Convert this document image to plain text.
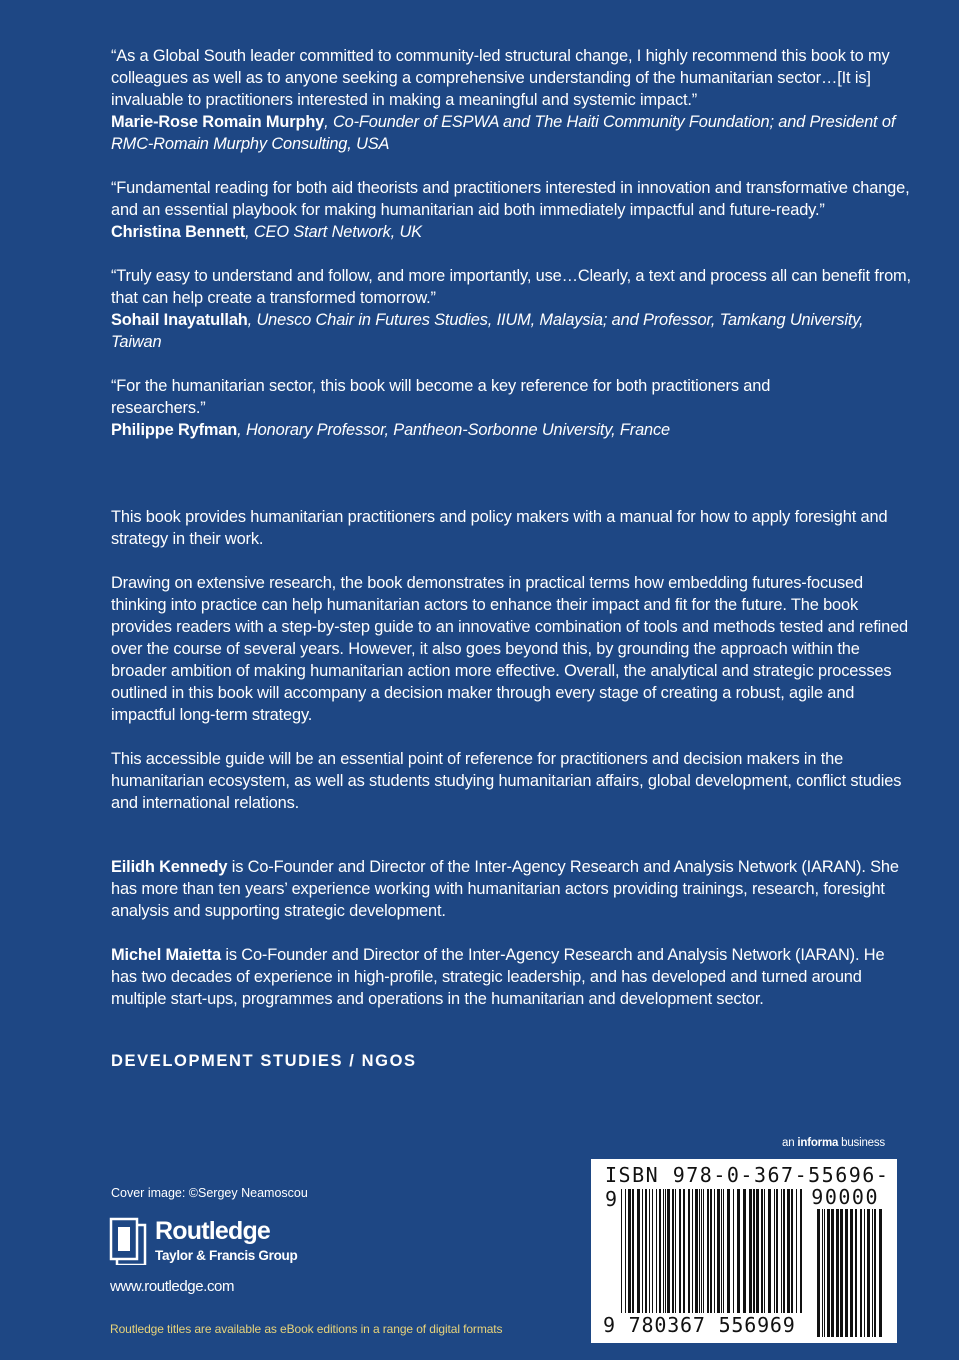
“As a Global South leader committed to community-led structural change, I highly recommend this book to my colleagues as well as to anyone seeking a comprehensive understanding of the humanitarian sector…[It is] invaluable to practitioners interested in making a meaningful and systemic impact.”
Marie-Rose Romain Murphy, Co-Founder of ESPWA and The Haiti Community Foundation; and President of RMC-Romain Murphy Consulting, USA

“Fundamental reading for both aid theorists and practitioners interested in innovation and transformative change, and an essential playbook for making humanitarian aid both immediately impactful and future-ready.”
Christina Bennett, CEO Start Network, UK

“Truly easy to understand and follow, and more importantly, use…Clearly, a text and process all can benefit from, that can help create a transformed tomorrow.”
Sohail Inayatullah, Unesco Chair in Futures Studies, IIUM, Malaysia; and Professor, Tamkang University, Taiwan

“For the humanitarian sector, this book will become a key reference for both practitioners and researchers.”
Philippe Ryfman, Honorary Professor, Pantheon-Sorbonne University, France

This book provides humanitarian practitioners and policy makers with a manual for how to apply foresight and strategy in their work.

Drawing on extensive research, the book demonstrates in practical terms how embedding futures-focused thinking into practice can help humanitarian actors to enhance their impact and fit for the future. The book provides readers with a step-by-step guide to an innovative combination of tools and methods tested and refined over the course of several years. However, it also goes beyond this, by grounding the approach within the broader ambition of making humanitarian action more effective. Overall, the analytical and strategic processes outlined in this book will accompany a decision maker through every stage of creating a robust, agile and impactful long-term strategy.

This accessible guide will be an essential point of reference for practitioners and decision makers in the humanitarian ecosystem, as well as students studying humanitarian affairs, global development, conflict studies and international relations.

Eilidh Kennedy is Co-Founder and Director of the Inter-Agency Research and Analysis Network (IARAN). She has more than ten years’ experience working with humanitarian actors providing trainings, research, foresight analysis and supporting strategic development.

Michel Maietta is Co-Founder and Director of the Inter-Agency Research and Analysis Network (IARAN). He has two decades of experience in high-profile, strategic leadership, and has developed and turned around multiple start-ups, programmes and operations in the humanitarian and development sector.

DEVELOPMENT STUDIES / NGOS
an informa business
ISBN 978-0-367-55696-9	90000
9 780367 556969
Cover image: ©Sergey Neamoscou
Routledge
Taylor & Francis Group
www.routledge.com
Routledge titles are available as eBook editions in a range of digital formats
